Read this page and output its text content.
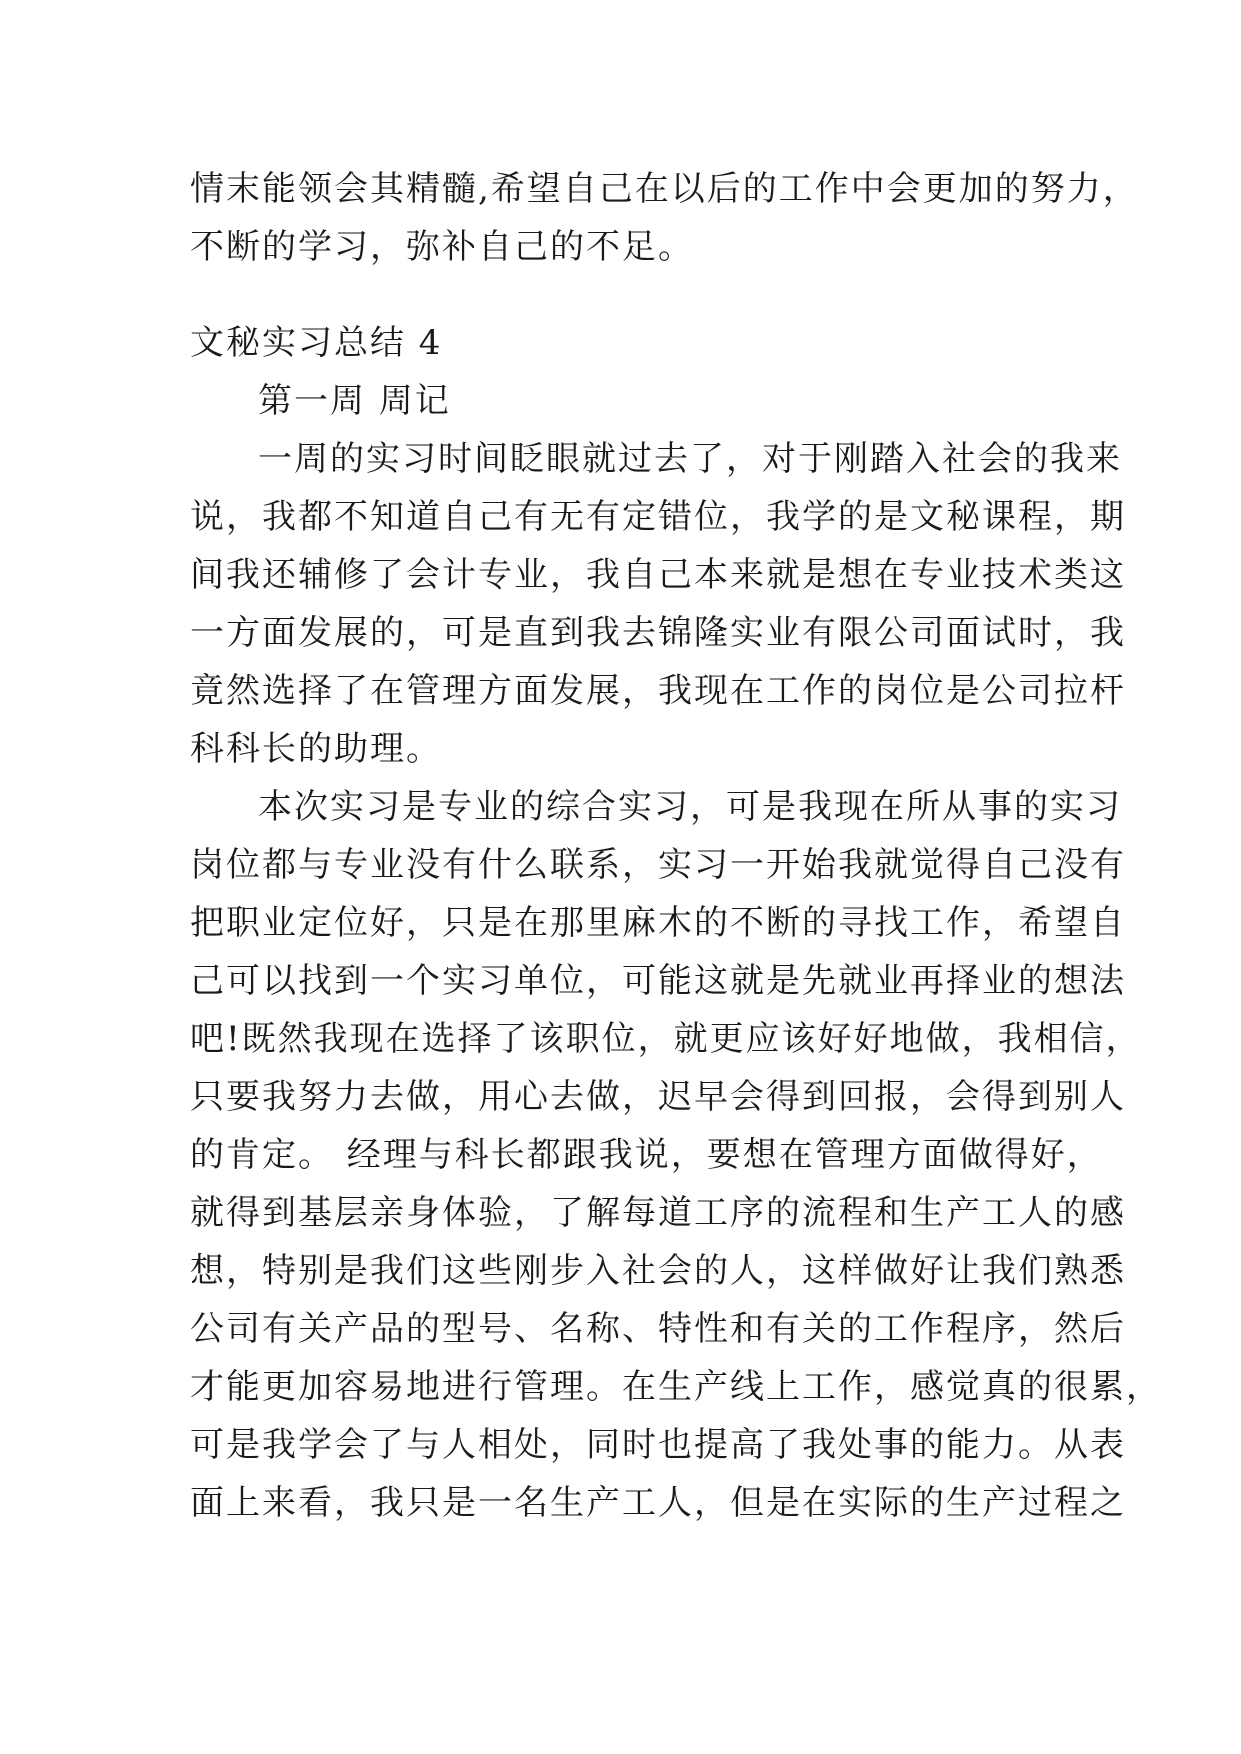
情末能领会其精髓,希望自己在以后的工作中会更加的努力，
不断的学习，弥补自己的不足。
文秘实习总结 4
第一周 周记
一周的实习时间眨眼就过去了，对于刚踏入社会的我来
说，我都不知道自己有无有定错位，我学的是文秘课程，期
间我还辅修了会计专业，我自己本来就是想在专业技术类这
一方面发展的，可是直到我去锦隆实业有限公司面试时，我
竟然选择了在管理方面发展，我现在工作的岗位是公司拉杆
科科长的助理。
本次实习是专业的综合实习，可是我现在所从事的实习
岗位都与专业没有什么联系，实习一开始我就觉得自己没有
把职业定位好，只是在那里麻木的不断的寻找工作，希望自
己可以找到一个实习单位，可能这就是先就业再择业的想法
吧!既然我现在选择了该职位，就更应该好好地做，我相信，
只要我努力去做，用心去做，迟早会得到回报，会得到别人
的肯定。 经理与科长都跟我说，要想在管理方面做得好，
就得到基层亲身体验，了解每道工序的流程和生产工人的感
想，特别是我们这些刚步入社会的人，这样做好让我们熟悉
公司有关产品的型号、名称、特性和有关的工作程序，然后
才能更加容易地进行管理。在生产线上工作，感觉真的很累，
可是我学会了与人相处，同时也提高了我处事的能力。从表
面上来看，我只是一名生产工人，但是在实际的生产过程之
